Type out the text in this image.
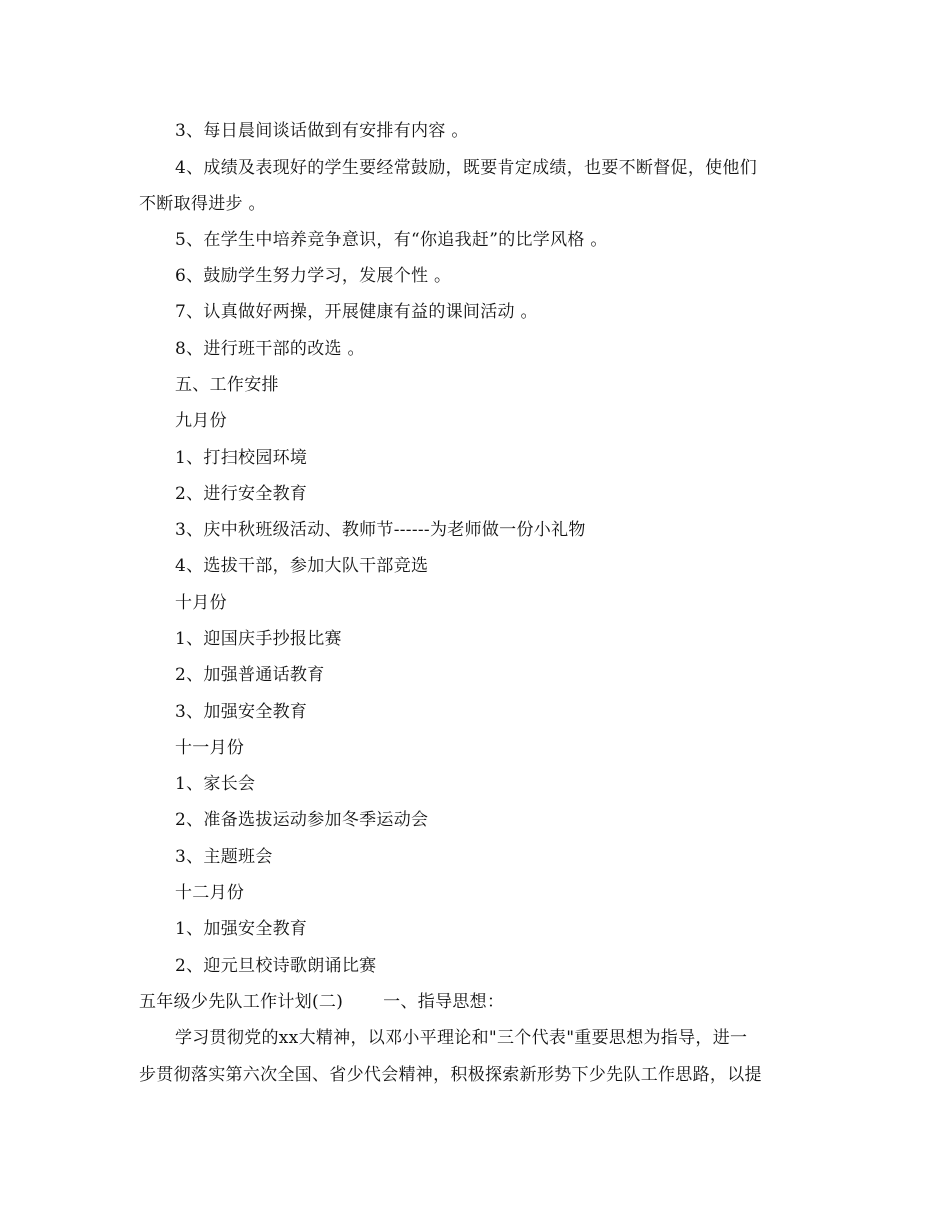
3、每日晨间谈话做到有安排有内容 。
4、成绩及表现好的学生要经常鼓励，既要肯定成绩，也要不断督促，使他们
不断取得进步 。
5、在学生中培养竞争意识，有“你追我赶”的比学风格 。
6、鼓励学生努力学习，发展个性 。
7、认真做好两操，开展健康有益的课间活动 。
8、进行班干部的改选 。
五、工作安排
九月份
1、打扫校园环境
2、进行安全教育
3、庆中秋班级活动、教师节------为老师做一份小礼物
4、选拔干部，参加大队干部竞选
十月份
1、迎国庆手抄报比赛
2、加强普通话教育
3、加强安全教育
十一月份
1、家长会
2、准备选拔运动参加冬季运动会
3、主题班会
十二月份
1、加强安全教育
2、迎元旦校诗歌朗诵比赛
五年级少先队工作计划(二) 一、指导思想：
学习贯彻党的xx大精神，以邓小平理论和"三个代表"重要思想为指导，进一
步贯彻落实第六次全国、省少代会精神，积极探索新形势下少先队工作思路，以提
